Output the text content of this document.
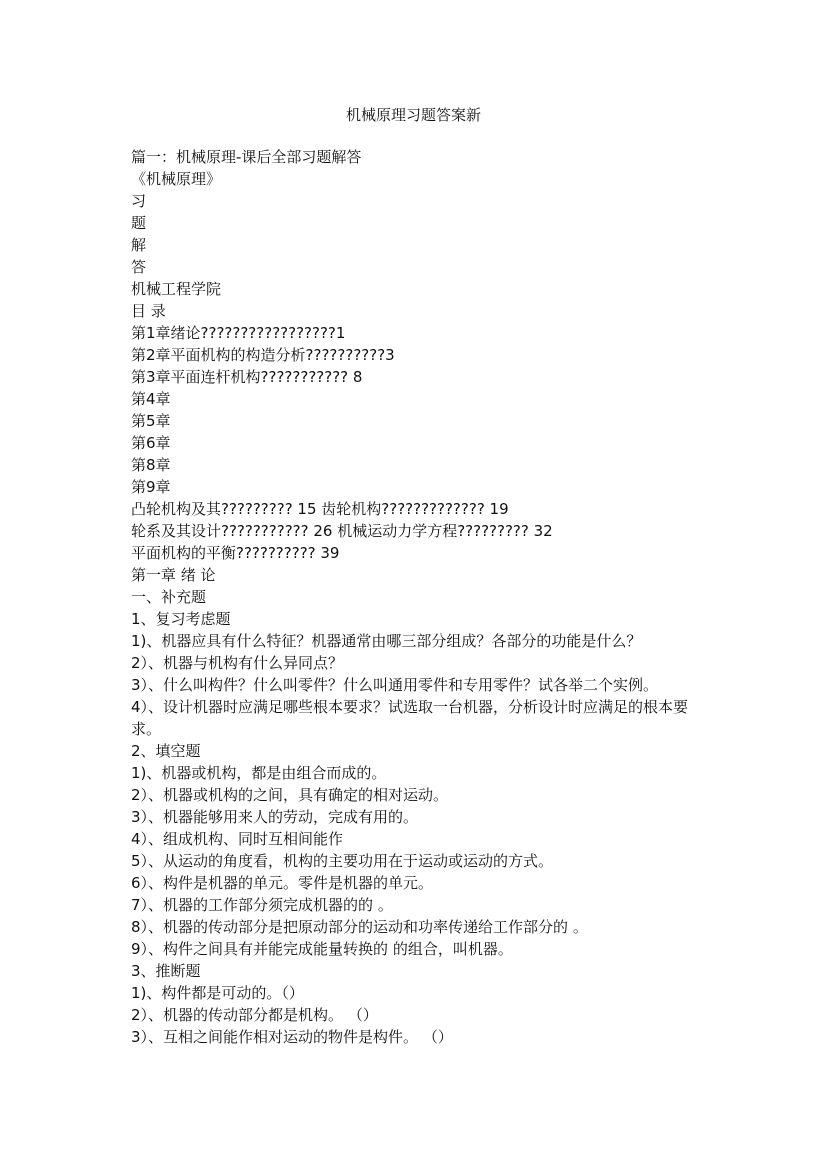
机械原理习题答案新
篇一：机械原理-课后全部习题解答
《机械原理》
习
题
解
答
机械工程学院
目 录
第1章绪论?????????????????1
第2章平面机构的构造分析??????????3
第3章平面连杆机构??????????? 8
第4章
第5章
第6章
第8章
第9章
凸轮机构及其????????? 15 齿轮机构????????????? 19
轮系及其设计??????????? 26 机械运动力学方程????????? 32
平面机构的平衡?????????? 39
第一章 绪 论
一、补充题
1、复习考虑题
1)、机器应具有什么特征？机器通常由哪三部分组成？各部分的功能是什么？
2）、机器与机构有什么异同点？
3）、什么叫构件？什么叫零件？什么叫通用零件和专用零件？试各举二个实例。
4）、设计机器时应满足哪些根本要求？试选取一台机器，分析设计时应满足的根本要求。
2、填空题
1)、机器或机构，都是由组合而成的。
2）、机器或机构的之间，具有确定的相对运动。
3）、机器能够用来人的劳动，完成有用的。
4）、组成机构、同时互相间能作
5）、从运动的角度看，机构的主要功用在于运动或运动的方式。
6）、构件是机器的单元。零件是机器的单元。
7）、机器的工作部分须完成机器的的 。
8）、机器的传动部分是把原动部分的运动和功率传递给工作部分的 。
9）、构件之间具有并能完成能量转换的 的组合，叫机器。
3、推断题
1)、构件都是可动的。（）
2）、机器的传动部分都是机构。 （）
3）、互相之间能作相对运动的物件是构件。 （）
